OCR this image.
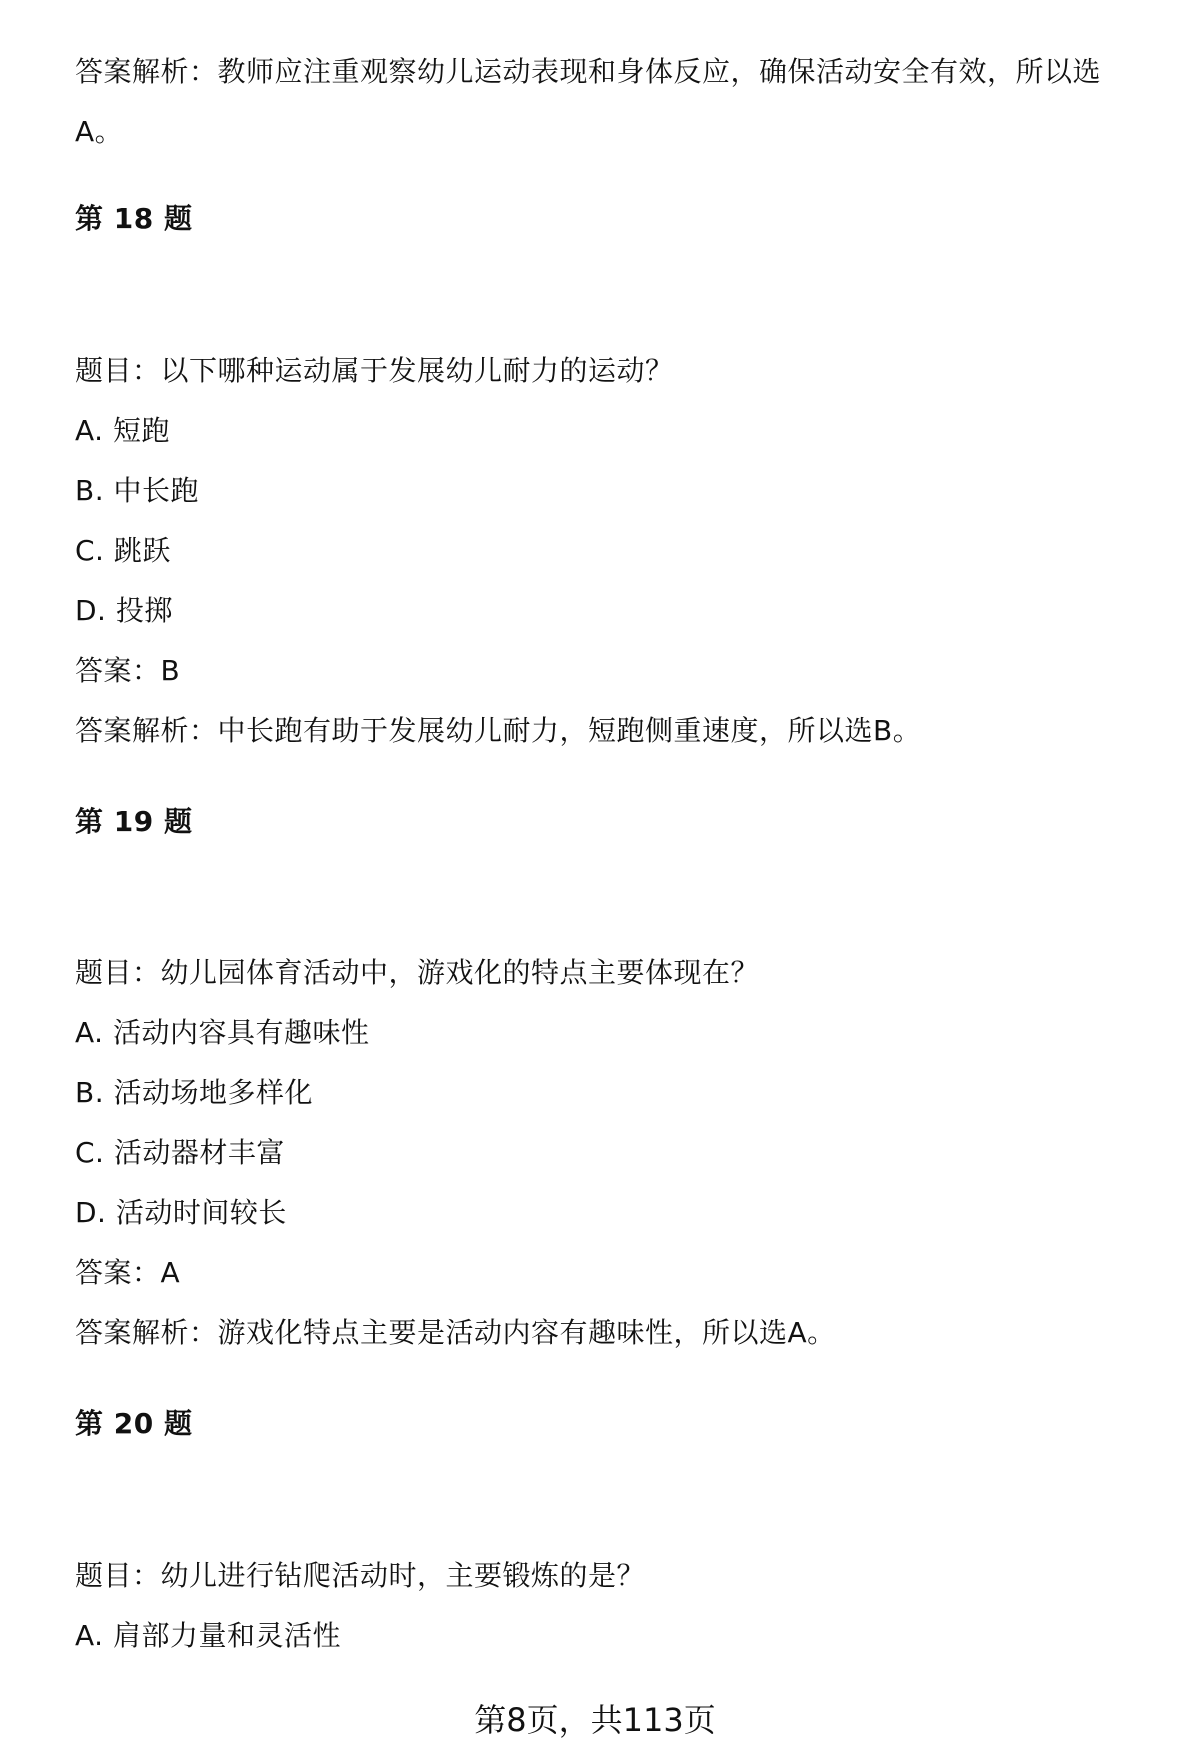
答案解析：教师应注重观察幼儿运动表现和身体反应，确保活动安全有效，所以选
A。
第 18 题
题目：以下哪种运动属于发展幼儿耐力的运动？
A. 短跑
B. 中长跑
C. 跳跃
D. 投掷
答案：B
答案解析：中长跑有助于发展幼儿耐力，短跑侧重速度，所以选B。
第 19 题
题目：幼儿园体育活动中，游戏化的特点主要体现在？
A. 活动内容具有趣味性
B. 活动场地多样化
C. 活动器材丰富
D. 活动时间较长
答案：A
答案解析：游戏化特点主要是活动内容有趣味性，所以选A。
第 20 题
题目：幼儿进行钻爬活动时，主要锻炼的是？
A. 肩部力量和灵活性
第8页，共113页
